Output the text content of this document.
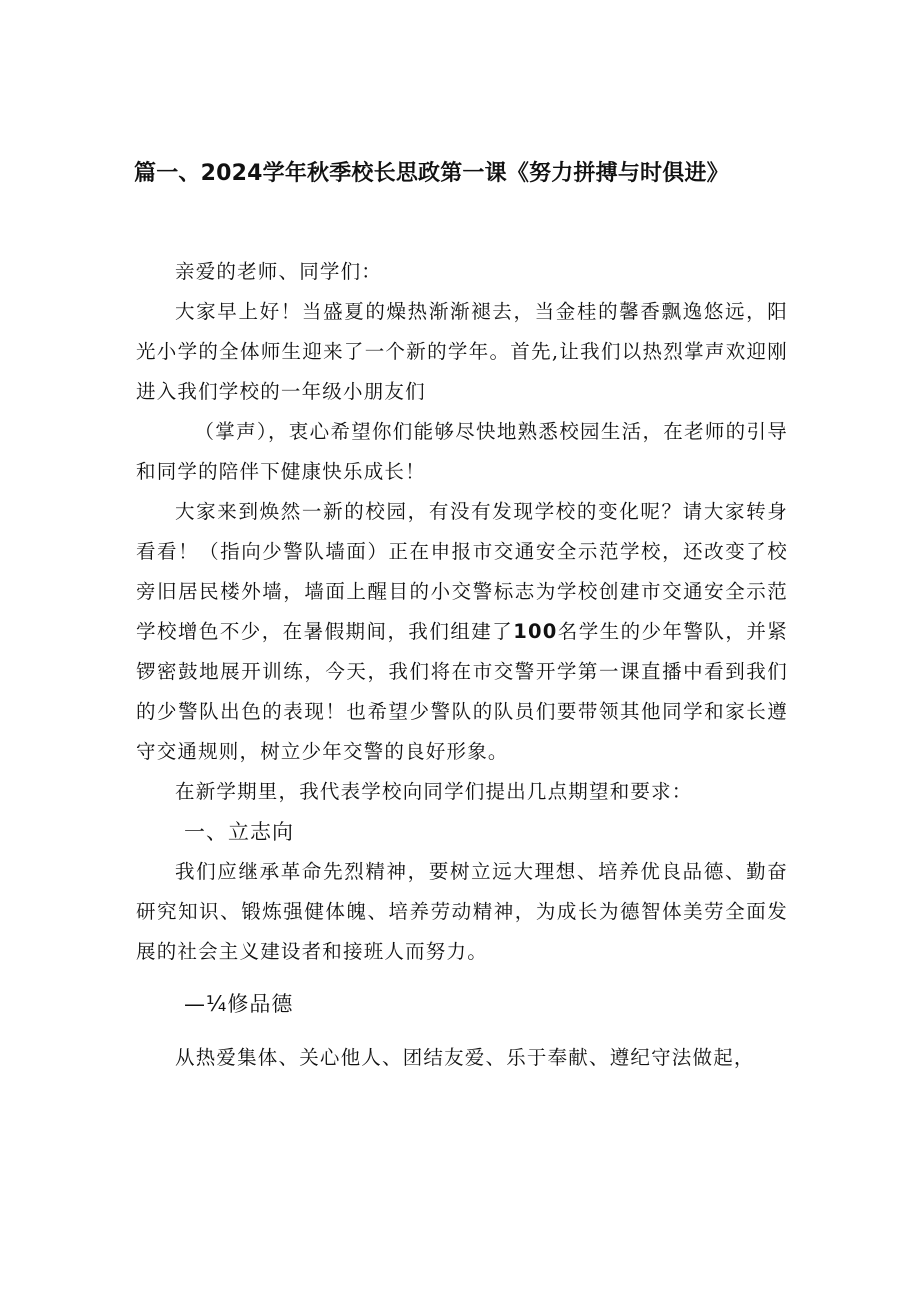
篇一、2024学年秋季校长思政第一课《努力拼搏与时俱进》

亲爱的老师、同学们：

大家早上好！当盛夏的燥热渐渐褪去，当金桂的馨香飘逸悠远，阳光小学的全体师生迎来了一个新的学年。首先,让我们以热烈掌声欢迎刚进入我们学校的一年级小朋友们

（掌声），衷心希望你们能够尽快地熟悉校园生活，在老师的引导和同学的陪伴下健康快乐成长！

大家来到焕然一新的校园，有没有发现学校的变化呢？请大家转身看看！（指向少警队墙面）正在申报市交通安全示范学校，还改变了校旁旧居民楼外墙，墙面上醒目的小交警标志为学校创建市交通安全示范学校增色不少，在暑假期间，我们组建了100名学生的少年警队，并紧锣密鼓地展开训练，今天，我们将在市交警开学第一课直播中看到我们的少警队出色的表现！也希望少警队的队员们要带领其他同学和家长遵守交通规则，树立少年交警的良好形象。

在新学期里，我代表学校向同学们提出几点期望和要求：

一、立志向

我们应继承革命先烈精神，要树立远大理想、培养优良品德、勤奋研究知识、锻炼强健体魄、培养劳动精神，为成长为德智体美劳全面发展的社会主义建设者和接班人而努力。

—¼修品德

从热爱集体、关心他人、团结友爱、乐于奉献、遵纪守法做起，
